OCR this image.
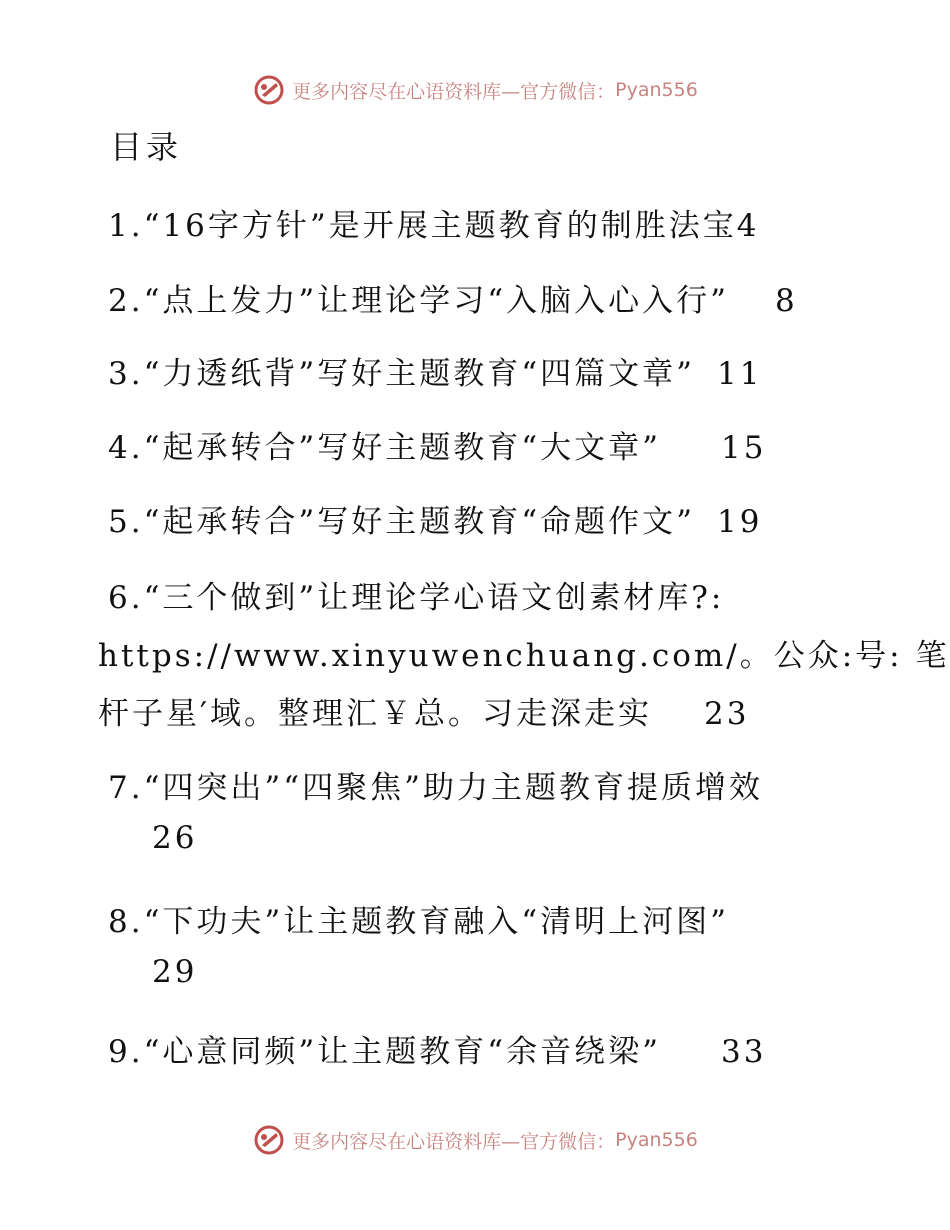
更多内容尽在心语资料库—官方微信： Pyan556
目录
1.“16字方针”是开展主题教育的制胜法宝4
2.“点上发力”让理论学习“入脑入心入行” 8
3.“力透纸背”写好主题教育“四篇文章” 11
4.“起承转合”写好主题教育“大文章” 15
5.“起承转合”写好主题教育“命题作文” 19
6.“三个做到”让理论学心语文创素材库?:
https://www.xinyuwenchuang.com/。公众:号: 笔
杆子星′域。整理汇￥总。习走深走实 23
7.“四突出”“四聚焦”助力主题教育提质增效
26
8.“下功夫”让主题教育融入“清明上河图”
29
9.“心意同频”让主题教育“余音绕梁” 33
更多内容尽在心语资料库—官方微信： Pyan556
